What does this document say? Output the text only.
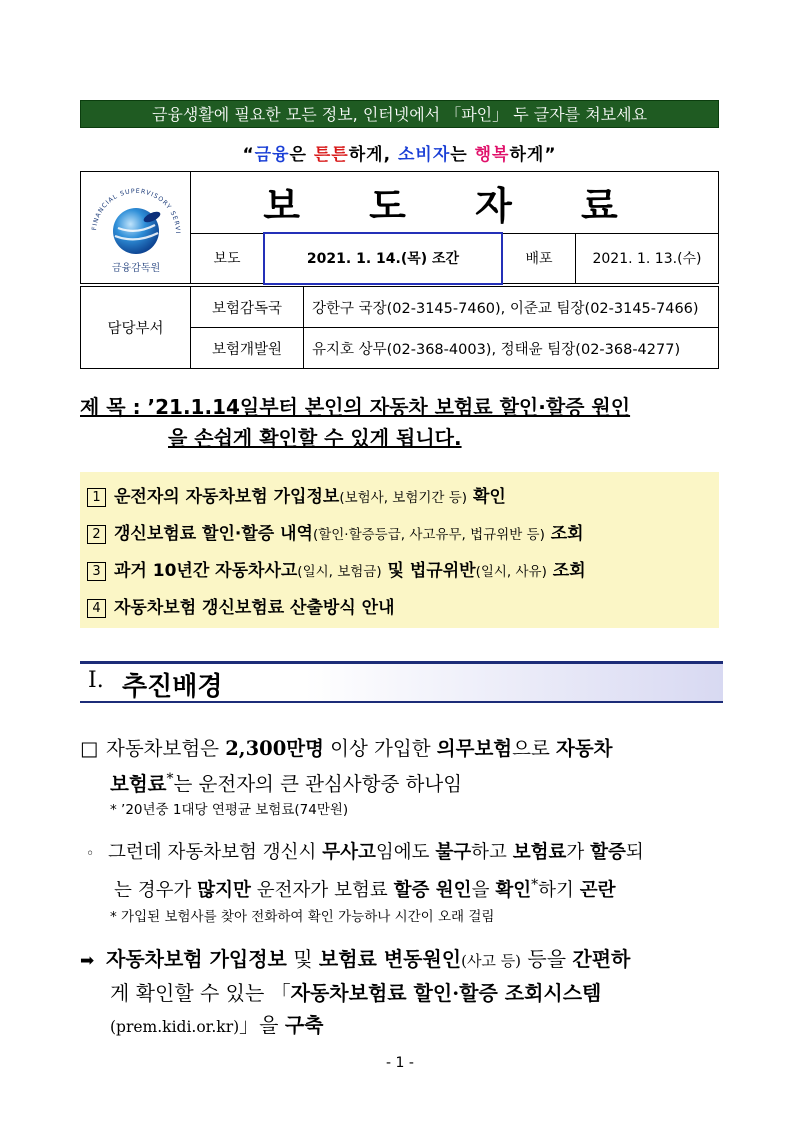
금융생활에 필요한 모든 정보, 인터넷에서 「파인」 두 글자를 쳐보세요
“금융은 튼튼하게, 소비자는 행복하게”
FINANCIAL SUPERVISORY SERVI
금융감독원	보 도 자 료			
	보도	2021. 1. 14.(목) 조간	배포	2021. 1. 13.(수)
담당부서	보험감독국	강한구 국장(02-3145-7460), 이준교 팀장(02-3145-7466)
	보험개발원	유지호 상무(02-368-4003), 정태윤 팀장(02-368-4277)
제 목 : ’21.1.14일부터 본인의 자동차 보험료 할인·할증 원인
을 손쉽게 확인할 수 있게 됩니다.
1 운전자의 자동차보험 가입정보(보험사, 보험기간 등) 확인
2 갱신보험료 할인·할증 내역(할인·할증등급, 사고유무, 법규위반 등) 조회
3 과거 10년간 자동차사고(일시, 보험금) 및 법규위반(일시, 사유) 조회
4 자동차보험 갱신보험료 산출방식 안내
Ⅰ. 추진배경
□ 자동차보험은 2,300만명 이상 가입한 의무보험으로 자동차
보험료*는 운전자의 큰 관심사항중 하나임
* ’20년중 1대당 연평균 보험료(74만원)
◦ 그런데 자동차보험 갱신시 무사고임에도 불구하고 보험료가 할증되
는 경우가 많지만 운전자가 보험료 할증 원인을 확인*하기 곤란
* 가입된 보험사를 찾아 전화하여 확인 가능하나 시간이 오래 걸림
➡ 자동차보험 가입정보 및 보험료 변동원인(사고 등) 등을 간편하
게 확인할 수 있는 「자동차보험료 할인·할증 조회시스템
(prem.kidi.or.kr)」을 구축
- 1 -
